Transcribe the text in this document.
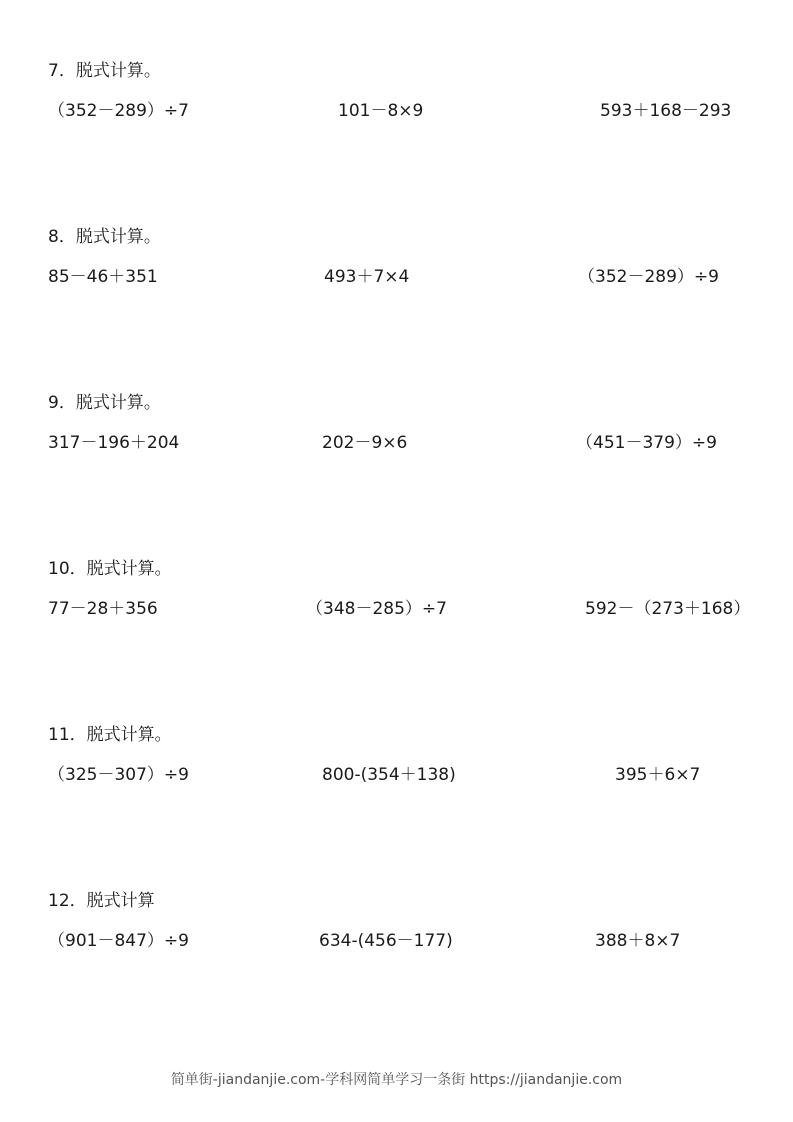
7．脱式计算。
（352－289）÷7	101－8×9	593＋168－293
8．脱式计算。
85－46＋351	493＋7×4	（352－289）÷9
9．脱式计算。
317－196＋204	202－9×6	（451－379）÷9
10．脱式计算。
77－28＋356	（348－285）÷7	592－（273＋168）
11．脱式计算。
（325－307）÷9	800-(354＋138)	395＋6×7
12．脱式计算
（901－847）÷9	634-(456－177)	388＋8×7
简单街-jiandanjie.com-学科网简单学习一条街 https://jiandanjie.com
